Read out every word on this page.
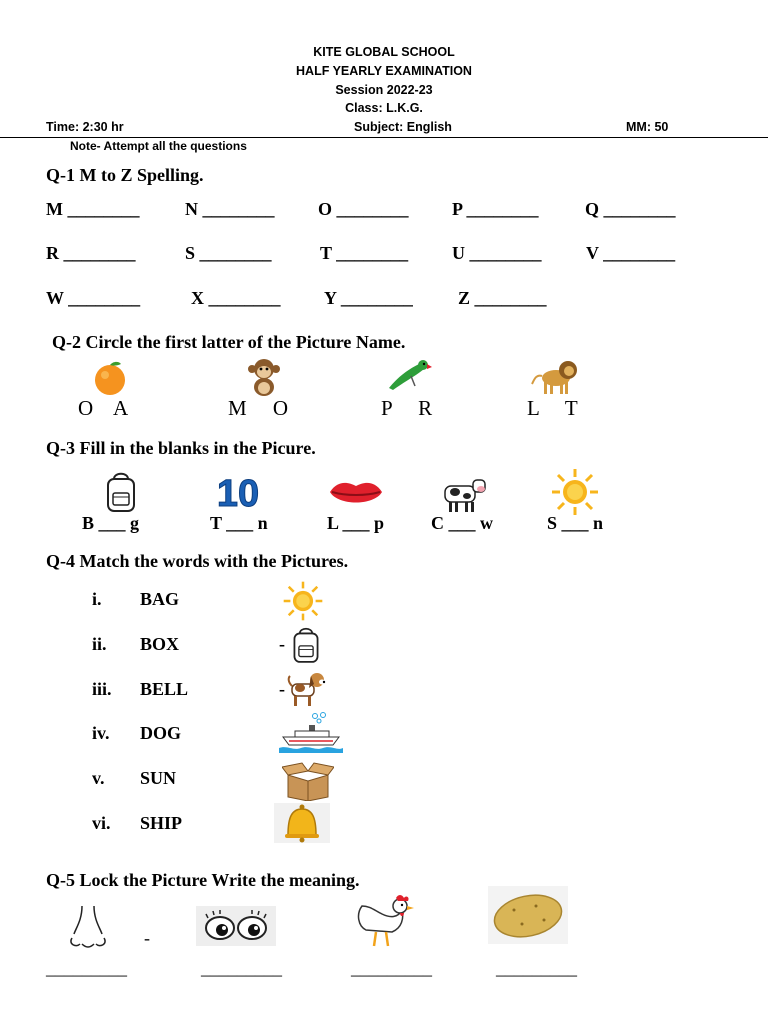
KITE GLOBAL SCHOOL
HALF YEARLY EXAMINATION
Session 2022-23
Class: L.K.G.
Time: 2:30 hr	Subject: English	MM: 50
Note- Attempt all the questions
Q-1 M to Z Spelling.
M ________	N ________ O ________ P ________	Q ________
R ________	S ________	T ________ U ________ V ________
W ________	X ________ Y ________	Z ________
Q-2 Circle the first latter of the Picture Name.
O    A	M     O	P     R	L     T
Q-3 Fill in the blanks in the Picure.
10
B ___ g	T ___ n	L ___ p	C ___ w	S ___ n
Q-4 Match the words with the Pictures.
i. BAG
ii. BOX
iii. BELL
iv. DOG
v. SUN
vi. SHIP
-
-
Q-5 Lock the Picture Write the meaning.
-
_________	_________	_________	_________
